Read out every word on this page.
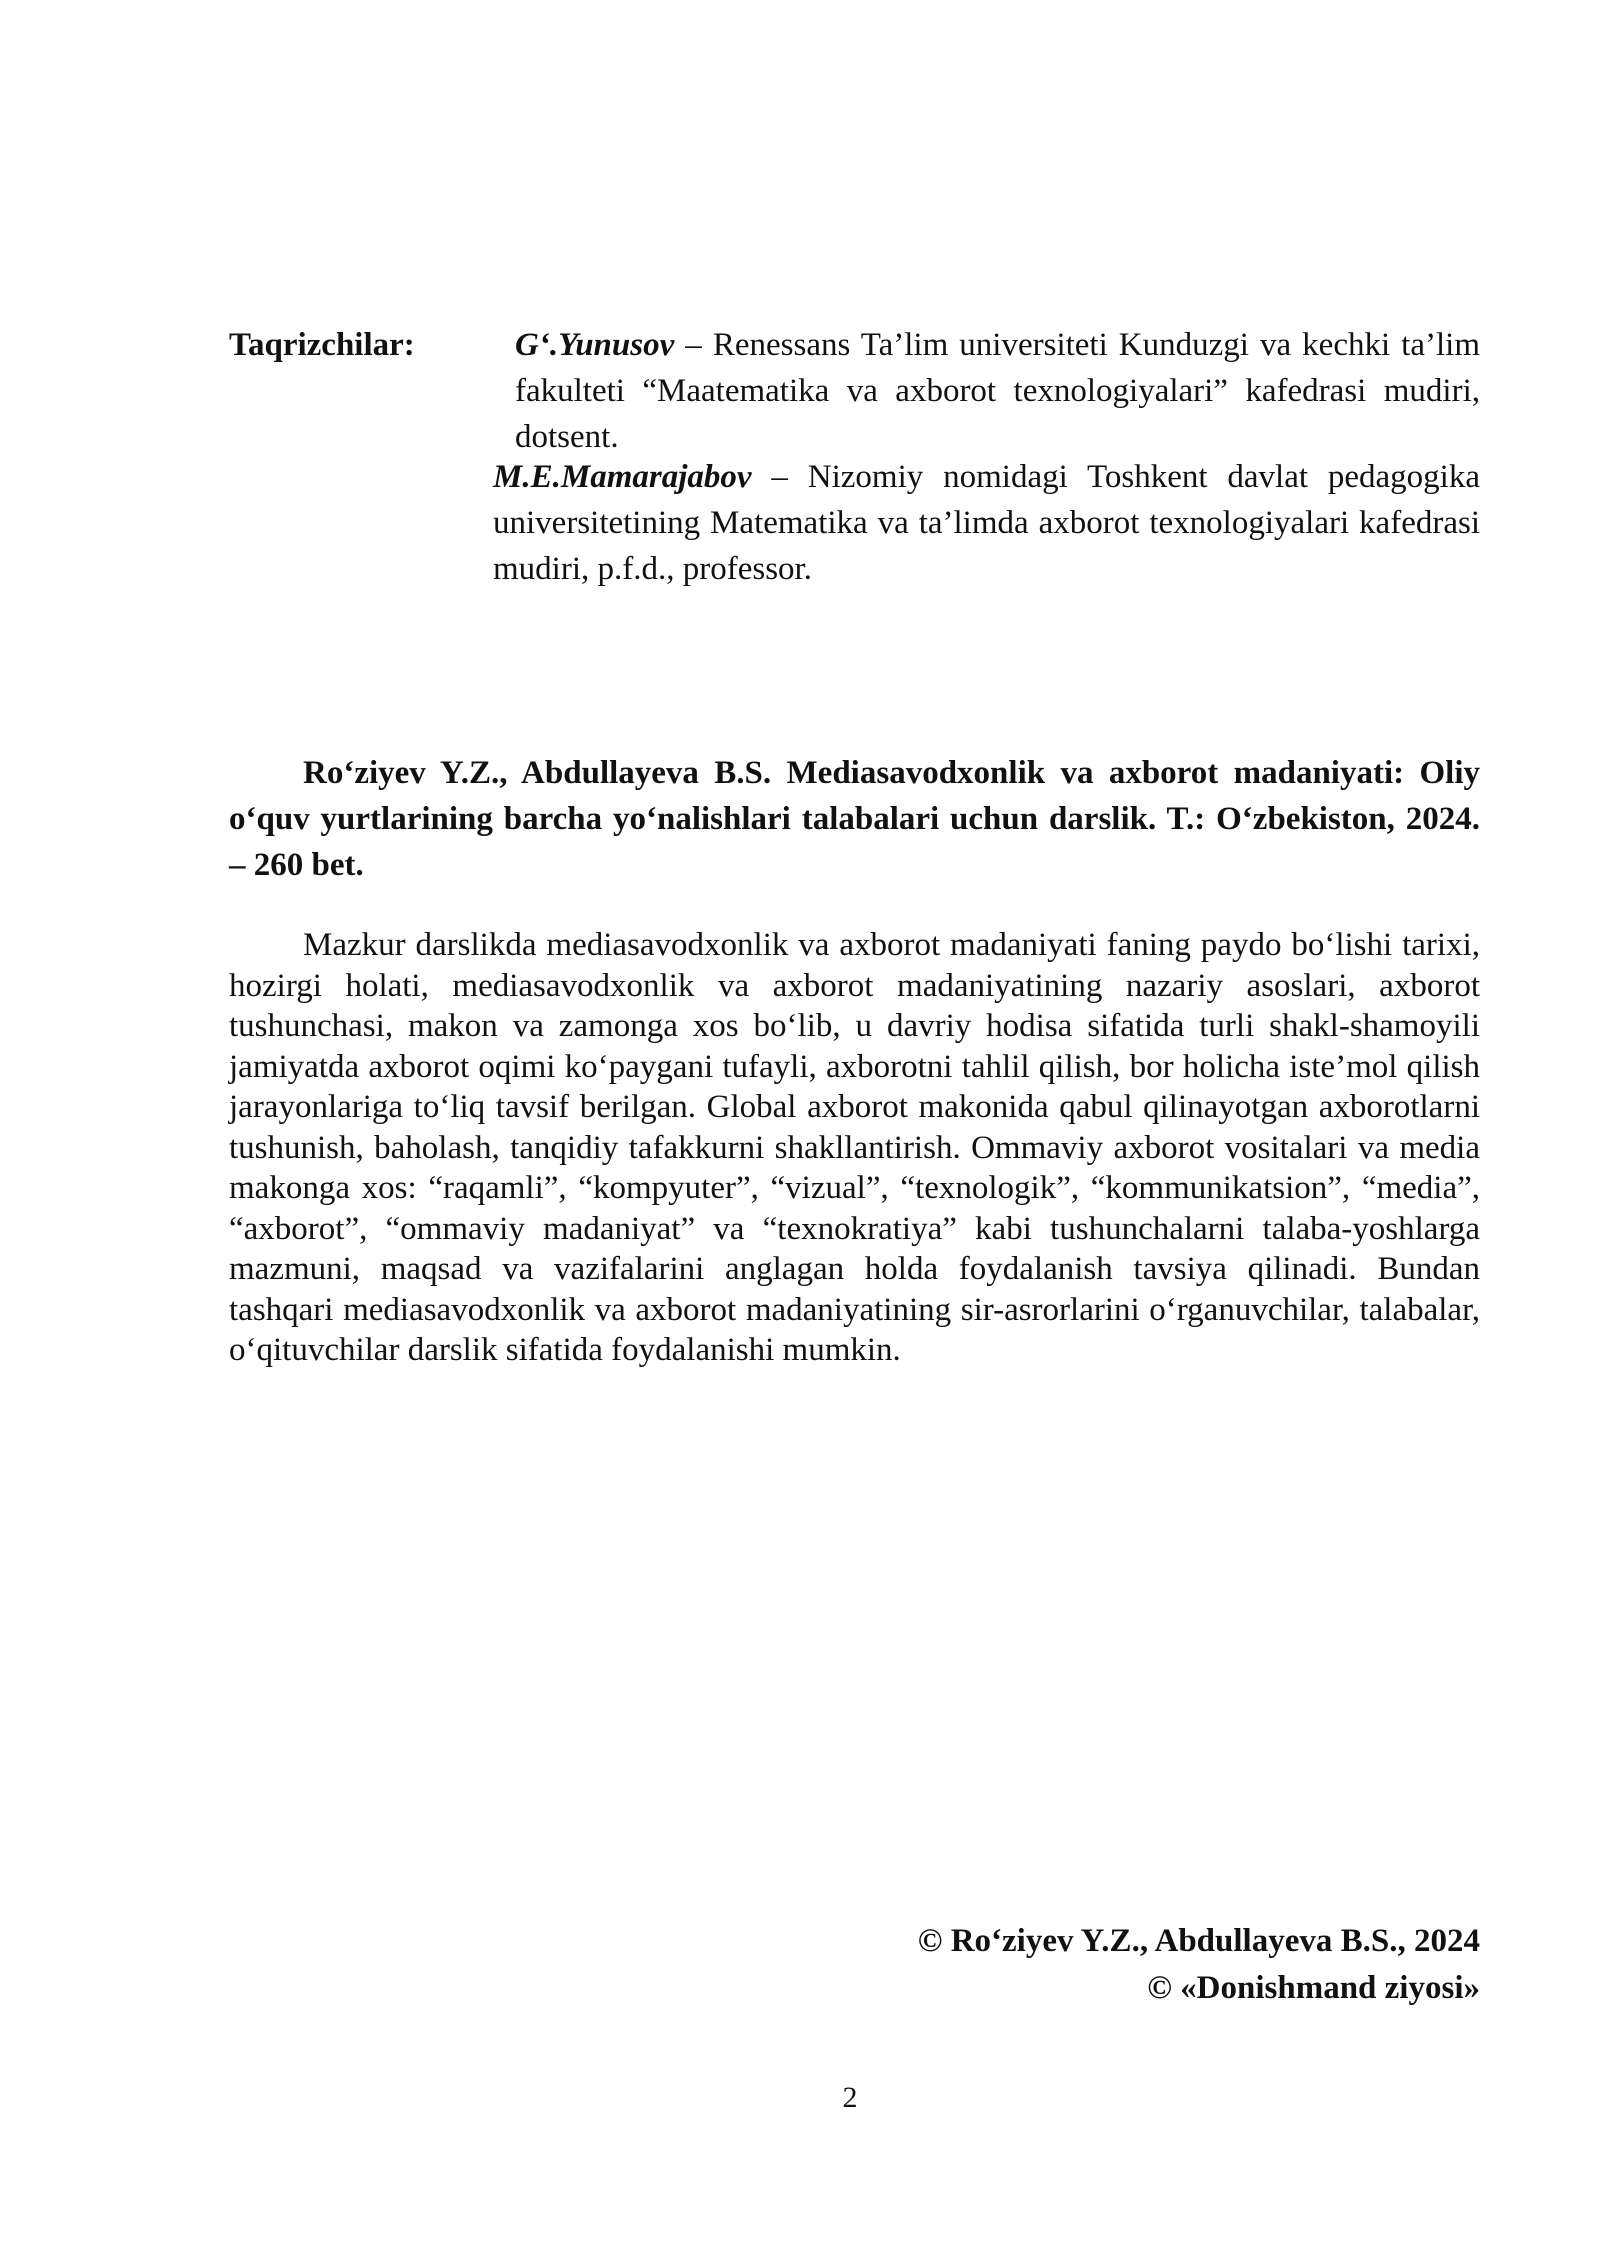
Taqrizchilar:	G‘.Yunusov – Renessans Ta’lim universiteti Kunduzgi va kechki ta’lim fakulteti “Maatematika va axborot texnologiyalari” kafedrasi mudiri, dotsent.
M.E.Mamarajabov – Nizomiy nomidagi Toshkent davlat pedagogika universitetining Matematika va ta’limda axborot texnologiyalari kafedrasi mudiri, p.f.d., professor.
Ro‘ziyev Y.Z., Abdullayeva B.S. Mediasavodxonlik va axborot madaniyati: Oliy o‘quv yurtlarining barcha yo‘nalishlari talabalari uchun darslik. T.: O‘zbekiston, 2024. – 260 bet.
Mazkur darslikda mediasavodxonlik va axborot madaniyati faning paydo bo‘lishi tarixi, hozirgi holati, mediasavodxonlik va axborot madaniyatining nazariy asoslari, axborot tushunchasi, makon va zamonga xos bo‘lib, u davriy hodisa sifatida turli shakl-shamoyili jamiyatda axborot oqimi ko‘paygani tufayli, axborotni tahlil qilish, bor holicha iste’mol qilish jarayonlariga to‘liq tavsif berilgan. Global axborot makonida qabul qilinayotgan axborotlarni tushunish, baholash, tanqidiy tafakkurni shakllantirish. Ommaviy axborot vositalari va media makonga xos: “raqamli”, “kompyuter”, “vizual”, “texnologik”, “kommunikatsion”, “media”, “axborot”, “ommaviy madaniyat” va “texnokratiya” kabi tushunchalarni talaba-yoshlarga mazmuni, maqsad va vazifalarini anglagan holda foydalanish tavsiya qilinadi. Bundan tashqari mediasavodxonlik va axborot madaniyatining sir-asrorlarini o‘rganuvchilar, talabalar, o‘qituvchilar darslik sifatida foydalanishi mumkin.
© Ro‘ziyev Y.Z., Abdullayeva B.S., 2024
© «Donishmand ziyosi»
2
